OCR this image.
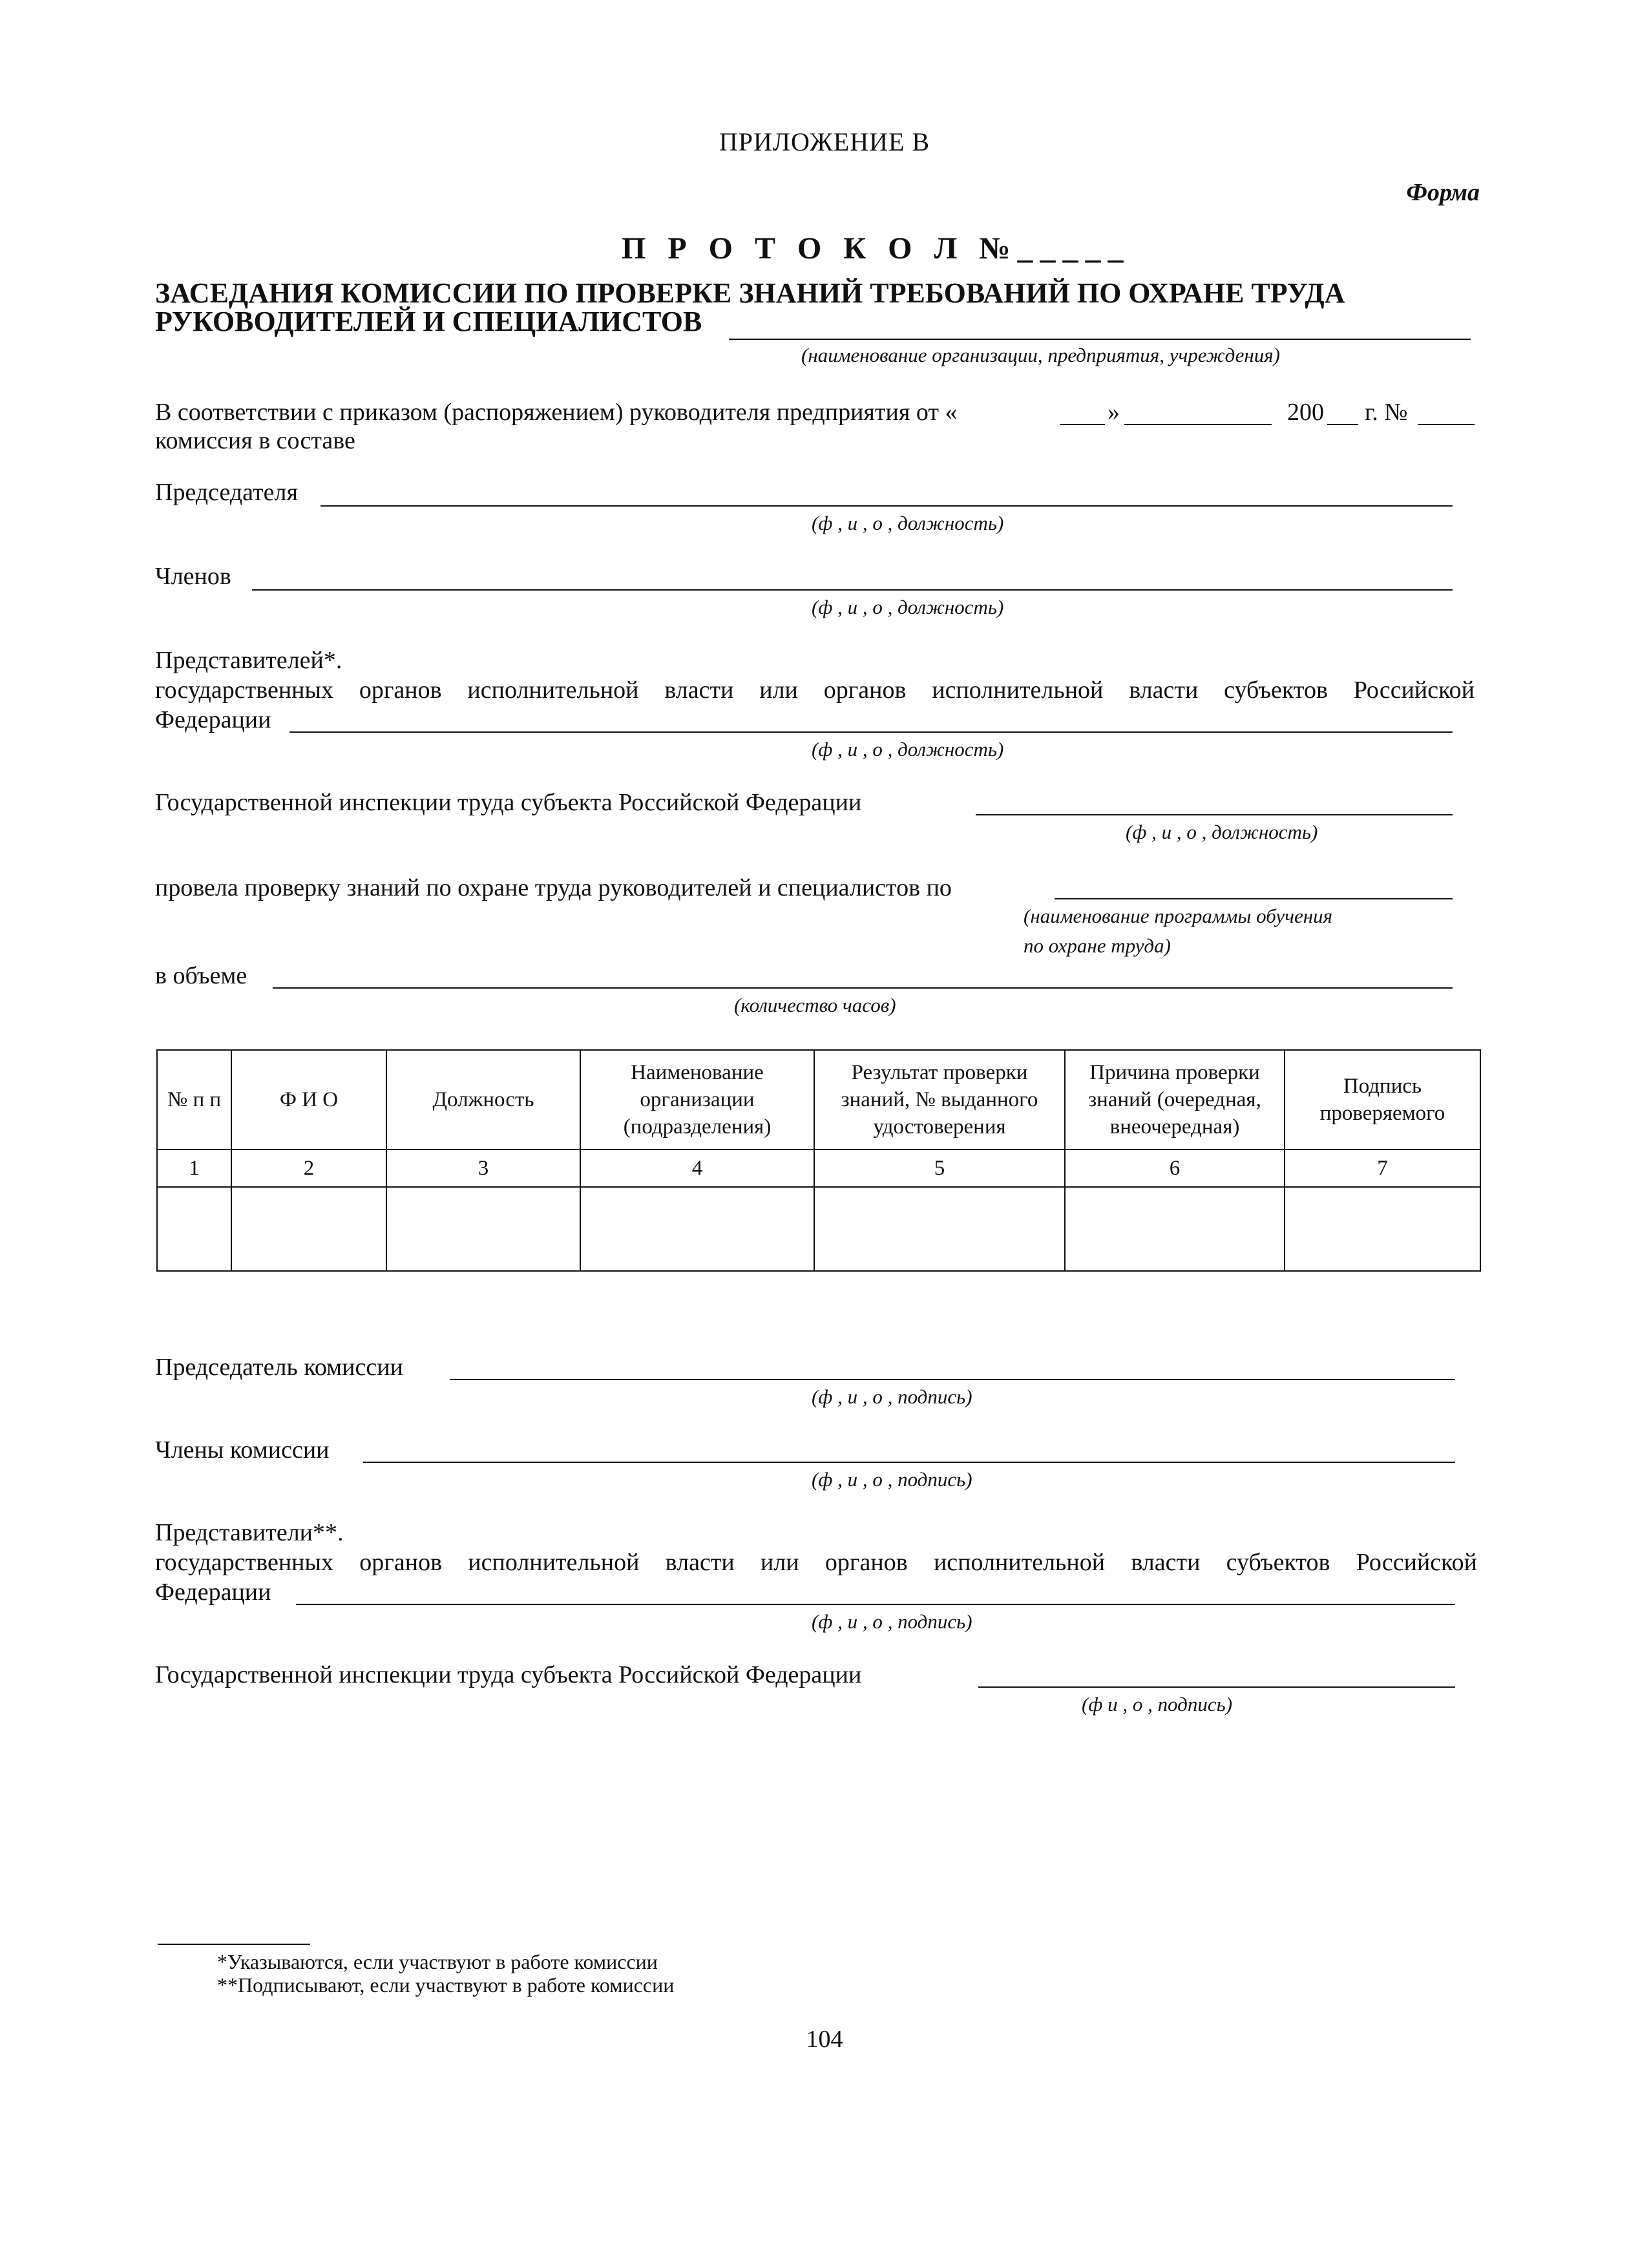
ПРИЛОЖЕНИЕ В
Форма
П Р О Т О К О Л №_____
ЗАСЕДАНИЯ КОМИССИИ ПО ПРОВЕРКЕ ЗНАНИЙ ТРЕБОВАНИЙ ПО ОХРАНЕ ТРУДА
РУКОВОДИТЕЛЕЙ И СПЕЦИАЛИСТОВ
(наименование организации, предприятия, учреждения)
В соответствии с приказом (распоряжением) руководителя предприятия от «	»	200 г. №
комиссия в составе
Председателя
(ф , и , о , должность)
Членов
(ф , и , о , должность)
Представителей*.
государственных органов исполнительной власти или органов исполнительной власти субъектов Российской
Федерации
(ф , и , о , должность)
Государственной инспекции труда субъекта Российской Федерации
(ф , и , о , должность)
провела проверку знаний по охране труда руководителей и специалистов по
(наименование программы обучения
по охране труда)
в объеме
(количество часов)
№ п п	Ф И О	Должность	Наименование организации (подразделения)	Результат проверки знаний, № выданного удостоверения	Причина проверки знаний (очередная, внеочередная)	Подпись проверяемого
1	2	3	4	5	6	7

Председатель комиссии
(ф , и , о , подпись)
Члены комиссии
(ф , и , о , подпись)
Представители**.
государственных органов исполнительной власти или органов исполнительной власти субъектов Российской
Федерации
(ф , и , о , подпись)
Государственной инспекции труда субъекта Российской Федерации
(ф и , о , подпись)
*Указываются, если участвуют в работе комиссии
**Подписывают, если участвуют в работе комиссии
104
